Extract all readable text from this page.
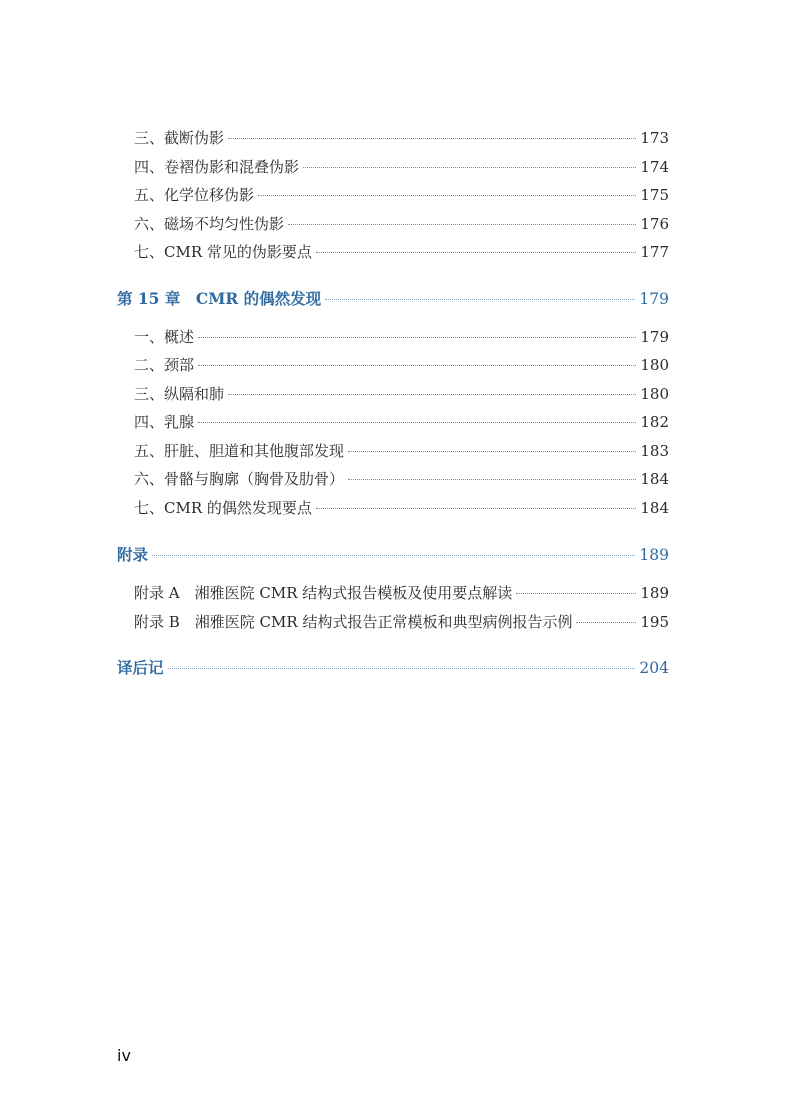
三、截断伪影	173
四、卷褶伪影和混叠伪影	174
五、化学位移伪影	175
六、磁场不均匀性伪影	176
七、CMR 常见的伪影要点	177
第 15 章　CMR 的偶然发现	179
一、概述	179
二、颈部	180
三、纵隔和肺	180
四、乳腺	182
五、肝脏、胆道和其他腹部发现	183
六、骨骼与胸廓（胸骨及肋骨）	184
七、CMR 的偶然发现要点	184
附录	189
附录 A　湘雅医院 CMR 结构式报告模板及使用要点解读	189
附录 B　湘雅医院 CMR 结构式报告正常模板和典型病例报告示例	195
译后记	204
iv
